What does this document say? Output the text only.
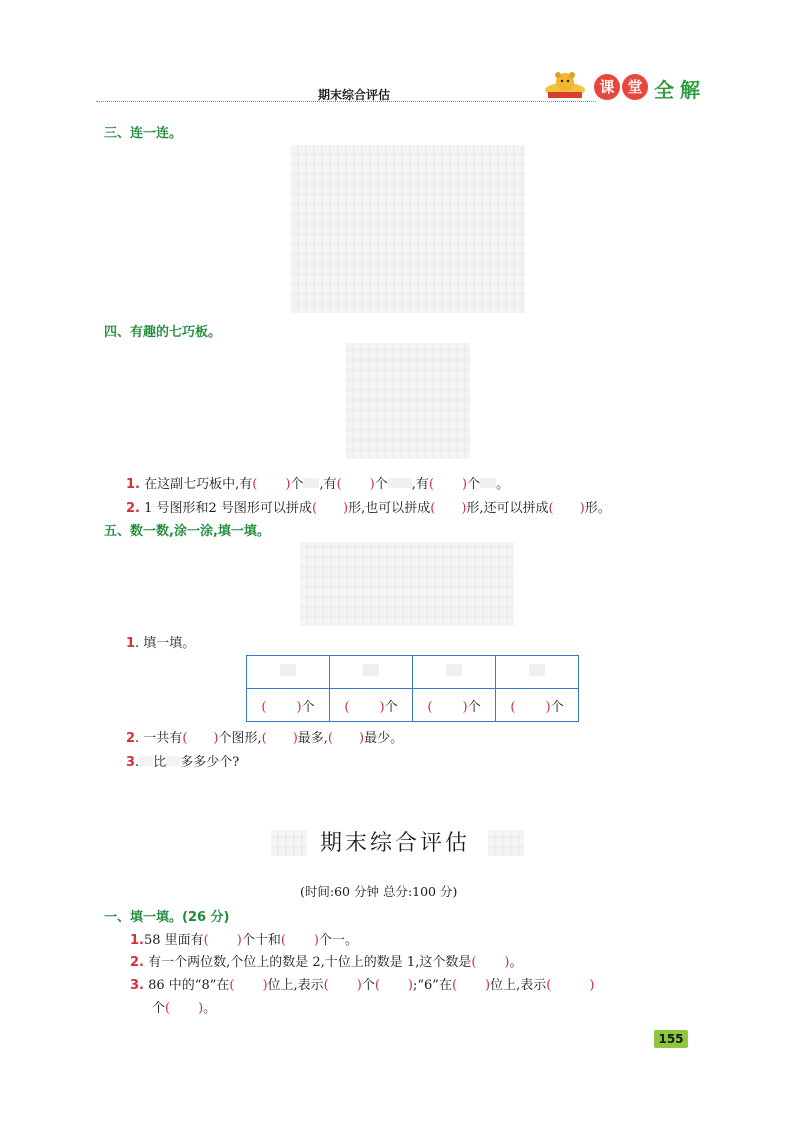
期末综合评估	课 堂 全 解
三、连一连。
四、有趣的七巧板。
1. 在这副七巧板中,有( )个 ,有( )个 ,有( )个 。
2. 1 号图形和2 号图形可以拼成( )形,也可以拼成( )形,还可以拼成( )形。
五、数一数,涂一涂,填一填。
1. 填一填。

( )个	( )个	( )个	( )个
2. 一共有( )个图形,( )最多,( )最少。
3. 比 多多少个?
期末综合评估
(时间:60 分钟 总分:100 分)
一、填一填。(26 分)
1.58 里面有( )个十和( )个一。
2. 有一个两位数,个位上的数是 2,十位上的数是 1,这个数是( )。
3. 86 中的“8”在( )位上,表示( )个( );“6”在( )位上,表示(	)
个( )。
155
